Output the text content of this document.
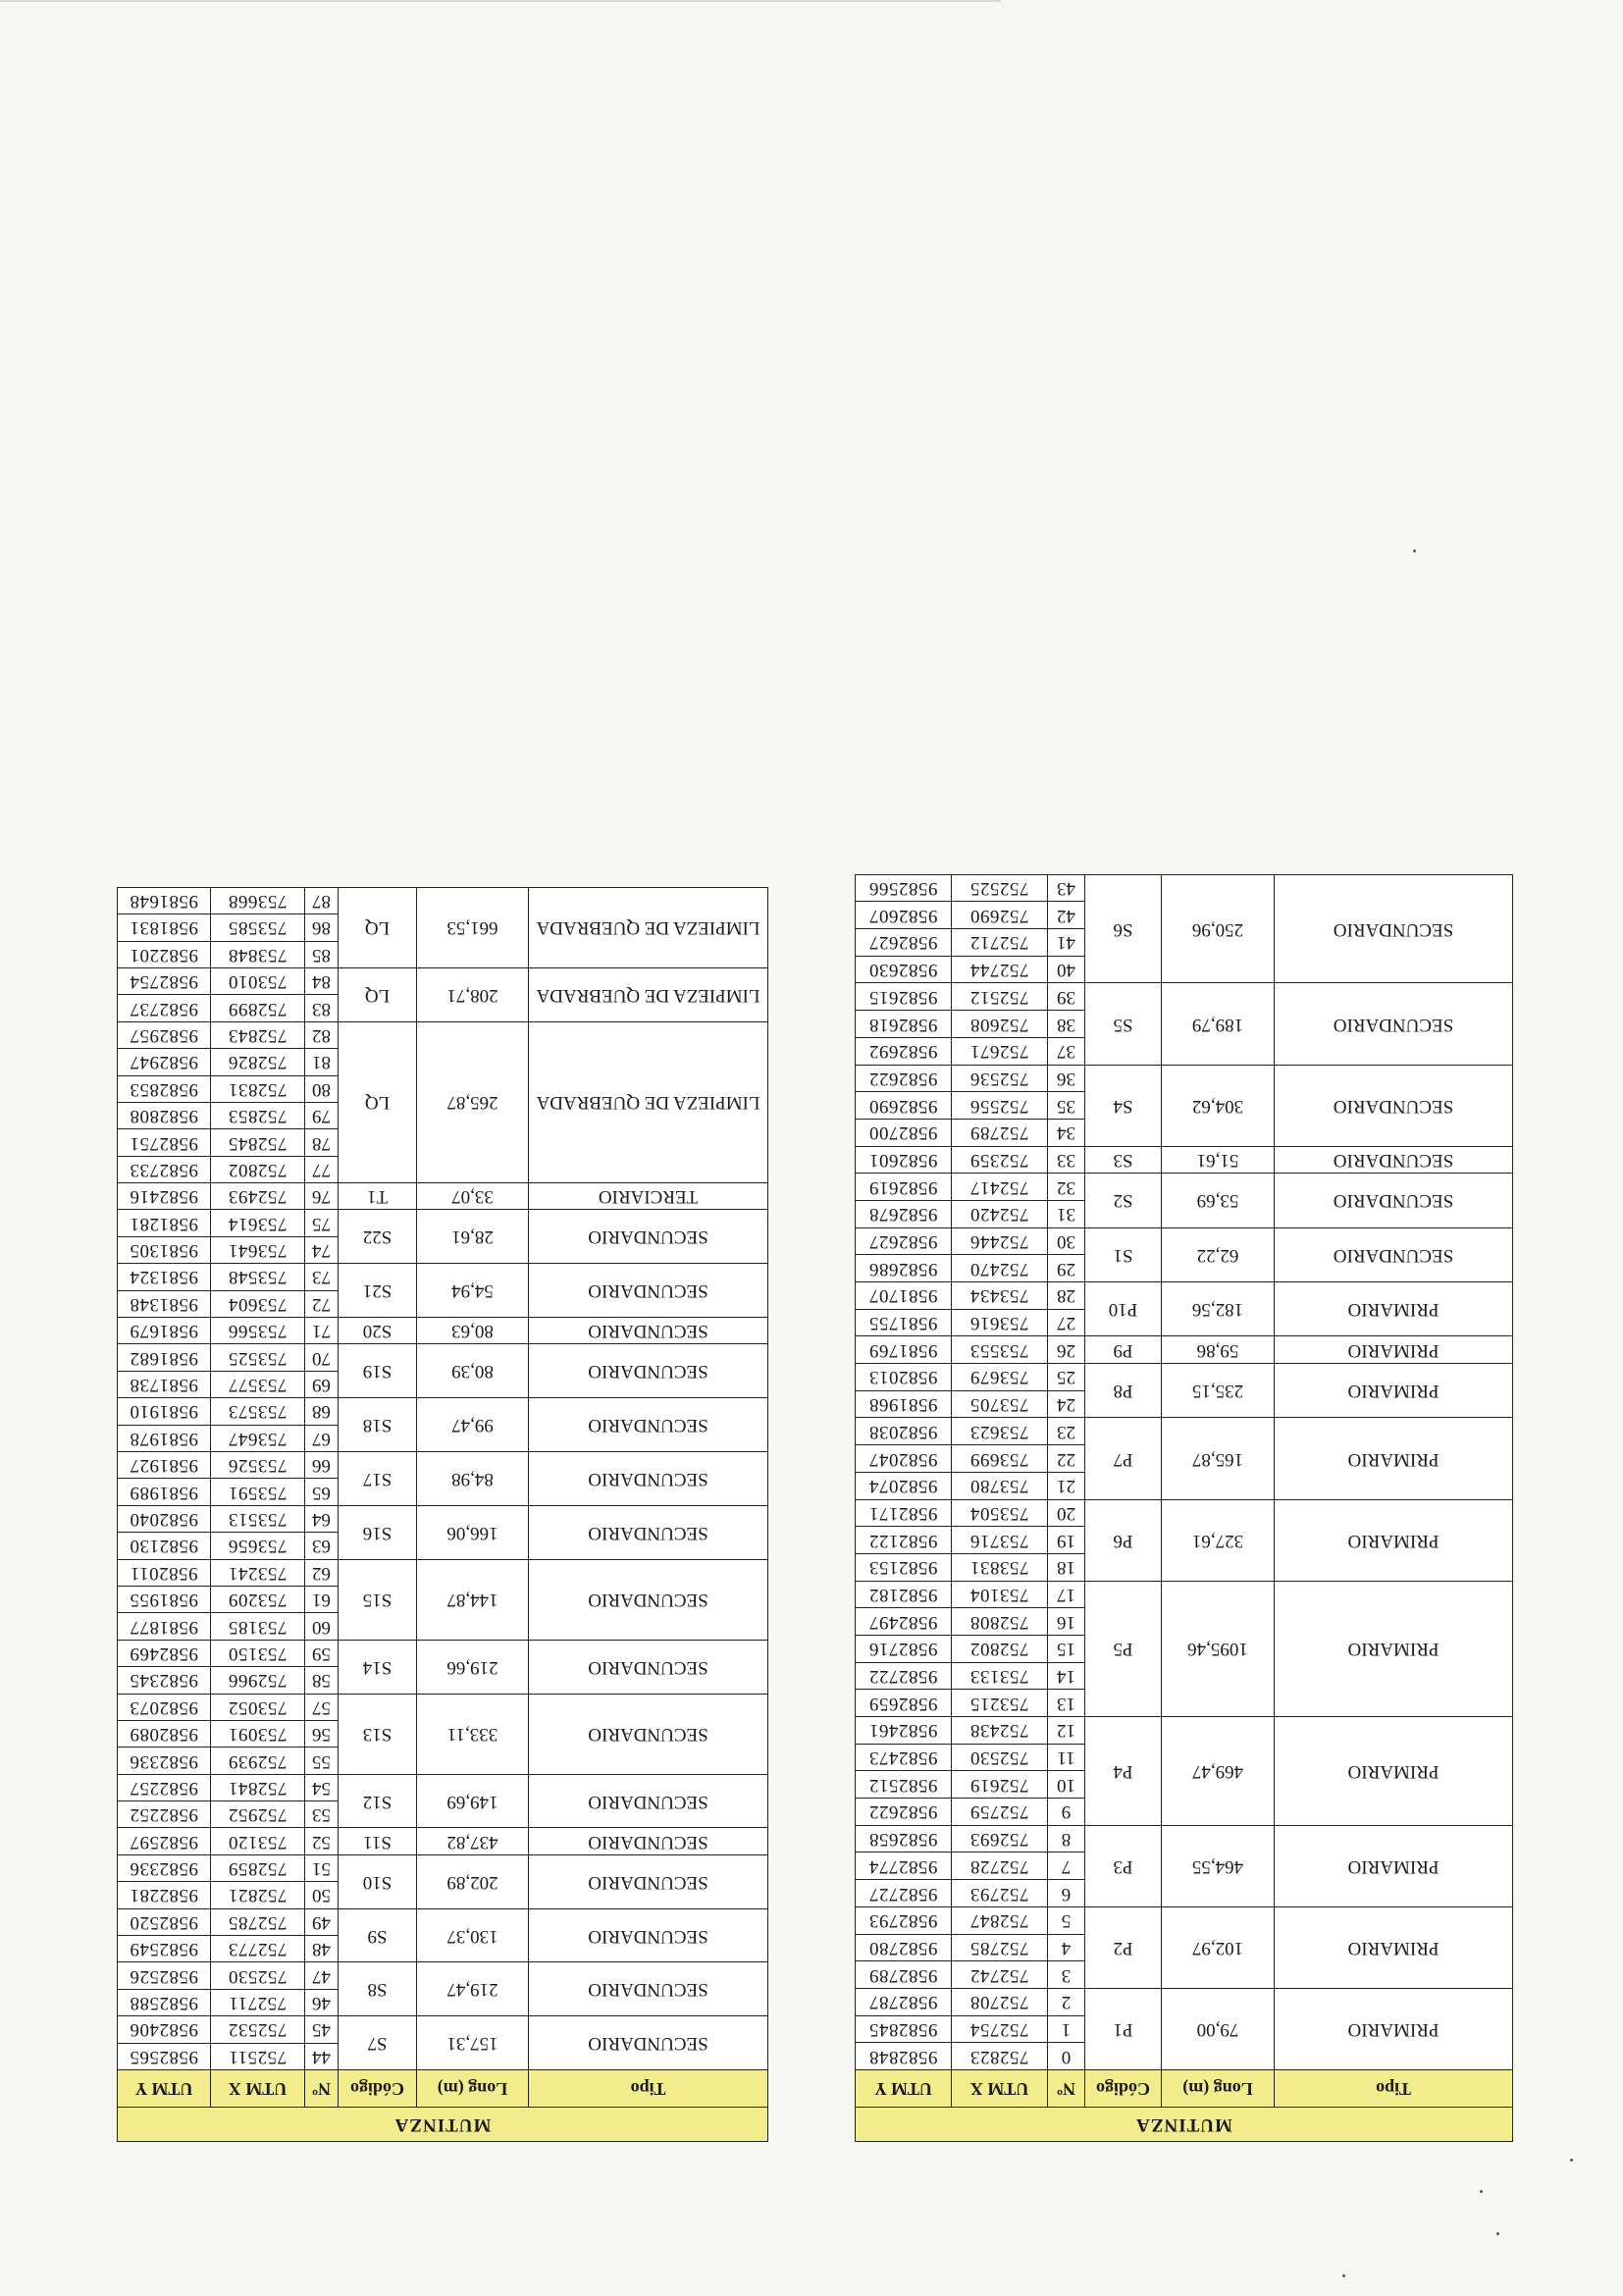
MUTINZA					
Tipo	Long (m)	Código	Nº	UTM X	UTM Y
PRIMARIO	79,00	P1	0	752823	9582848
			1	752754	9582845
			2	752708	9582787
PRIMARIO	102,97	P2	3	752742	9582789
			4	752785	9582780
			5	752847	9582793
PRIMARIO	464,55	P3	6	752793	9582727
			7	752728	9582774
			8	752693	9582658
PRIMARIO	469,47	P4	9	752759	9582622
			10	752619	9582512
			11	752530	9582473
			12	752438	9582461
PRIMARIO	1095,46	P5	13	753215	9582659
			14	753133	9582722
			15	752802	9582716
			16	752808	9582497
			17	753104	9582182
PRIMARIO	327,61	P6	18	753831	9582153
			19	753716	9582122
			20	753504	9582171
PRIMARIO	165,87	P7	21	753780	9582074
			22	753699	9582047
			23	753623	9582038
PRIMARIO	235,15	P8	24	753705	9581968
			25	753679	9582013
PRIMARIO	59,86	P9	26	753553	9581769
PRIMARIO	182,56	P10	27	753616	9581755
			28	753434	9581707
SECUNDARIO	62,22	S1	29	752470	9582686
			30	752446	9582627
SECUNDARIO	53,69	S2	31	752420	9582678
			32	752417	9582619
SECUNDARIO	51,61	S3	33	752359	9582601
SECUNDARIO	304,62	S4	34	752789	9582700
			35	752556	9582690
			36	752536	9582622
SECUNDARIO	189,79	S5	37	752671	9582692
			38	752608	9582618
			39	752512	9582615
SECUNDARIO	250,96	S6	40	752744	9582630
			41	752712	9582627
			42	752690	9582607
			43	752525	9582566
MUTINZA					
Tipo	Long (m)	Código	Nº	UTM X	UTM Y
SECUNDARIO	157,31	S7	44	752511	9582565
			45	752532	9582406
SECUNDARIO	219,47	S8	46	752711	9582588
			47	752530	9582526
SECUNDARIO	130,37	S9	48	752773	9582549
			49	752785	9582520
SECUNDARIO	202,89	S10	50	752821	9582281
			51	752859	9582336
SECUNDARIO	437,82	S11	52	753120	9582597
SECUNDARIO	149,69	S12	53	752952	9582252
			54	752841	9582257
SECUNDARIO	333,11	S13	55	752939	9582336
			56	753091	9582089
			57	753052	9582073
SECUNDARIO	219,66	S14	58	752966	9582345
			59	753150	9582469
SECUNDARIO	144,87	S15	60	753185	9581877
			61	753209	9581955
			62	753241	9582011
SECUNDARIO	166,06	S16	63	753656	9582130
			64	753513	9582040
SECUNDARIO	84,98	S17	65	753591	9581989
			66	753526	9581927
SECUNDARIO	99,47	S18	67	753647	9581978
			68	753573	9581910
SECUNDARIO	80,39	S19	69	753577	9581738
			70	753525	9581682
SECUNDARIO	80,63	S20	71	753566	9581679
SECUNDARIO	54,94	S21	72	753604	9581348
			73	753548	9581324
SECUNDARIO	28,61	S22	74	753641	9581305
			75	753614	9581281
TERCIARIO	33,07	T1	76	752493	9582416
LIMPIEZA DE QUEBRADA	265,87	LQ	77	752802	9582733
			78	752845	9582751
			79	752853	9582808
			80	752831	9582853
			81	752826	9582947
			82	752843	9582957
LIMPIEZA DE QUEBRADA	208,71	LQ	83	752899	9582737
			84	753010	9582754
LIMPIEZA DE QUEBRADA	661,53	LQ	85	753848	9582201
			86	753585	9581831
			87	753668	9581648
